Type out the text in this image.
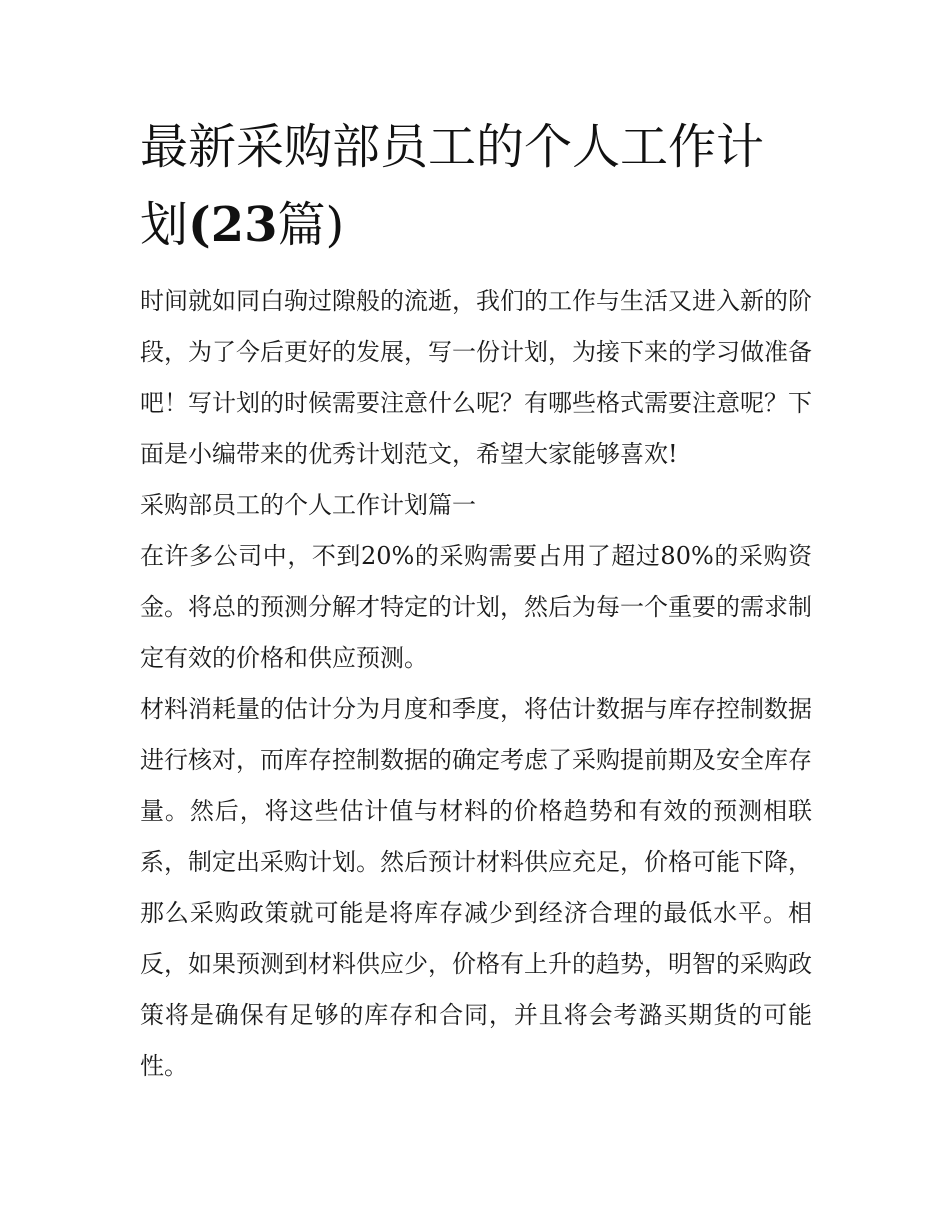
最新采购部员工的个人工作计
划(23篇)

时间就如同白驹过隙般的流逝，我们的工作与生活又进入新的阶段，为了今后更好的发展，写一份计划，为接下来的学习做准备吧！写计划的时候需要注意什么呢？有哪些格式需要注意呢？下面是小编带来的优秀计划范文，希望大家能够喜欢!

采购部员工的个人工作计划篇一

在许多公司中，不到20%的采购需要占用了超过80%的采购资金。将总的预测分解才特定的计划，然后为每一个重要的需求制定有效的价格和供应预测。

材料消耗量的估计分为月度和季度，将估计数据与库存控制数据进行核对，而库存控制数据的确定考虑了采购提前期及安全库存量。然后，将这些估计值与材料的价格趋势和有效的预测相联系，制定出采购计划。然后预计材料供应充足，价格可能下降，那么采购政策就可能是将库存减少到经济合理的最低水平。相反，如果预测到材料供应少，价格有上升的趋势，明智的采购政策将是确保有足够的库存和合同，并且将会考潞买期货的可能性。
